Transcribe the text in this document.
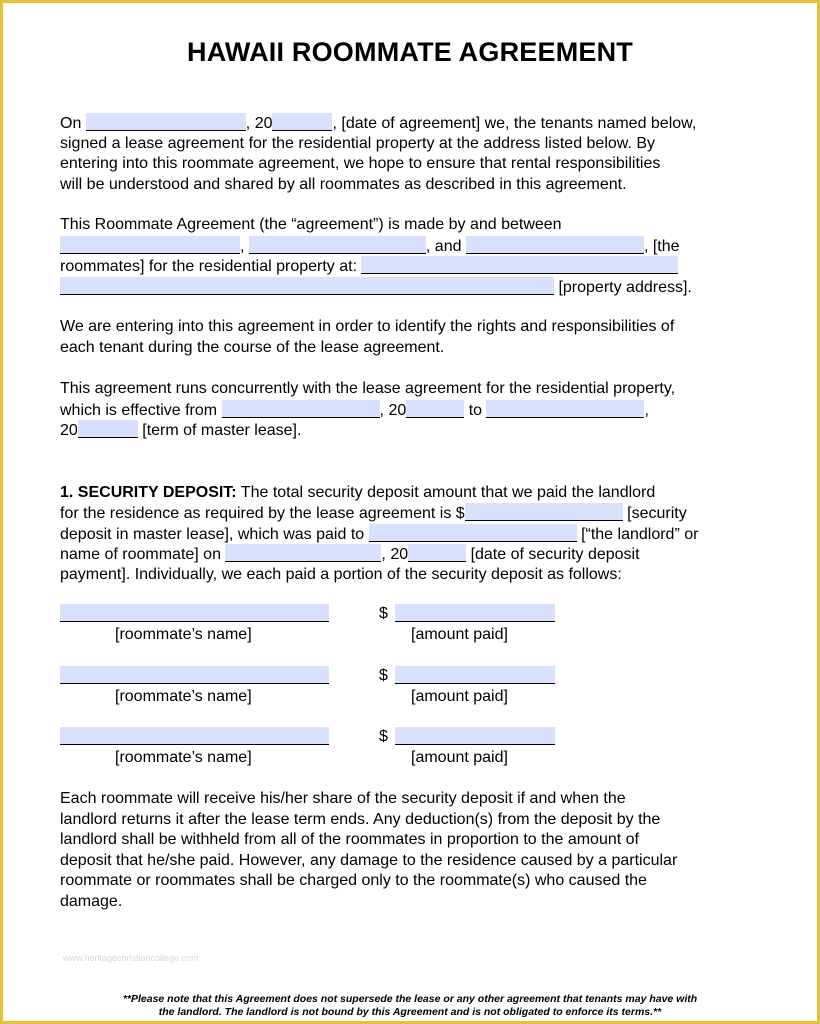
HAWAII ROOMMATE AGREEMENT
On	, 20	, [date of agreement] we, the tenants named below,
signed a lease agreement for the residential property at the address listed below. By
entering into this roommate agreement, we hope to ensure that rental responsibilities
will be understood and shared by all roommates as described in this agreement.
This Roommate Agreement (the “agreement”) is made by and between
,	, and	, [the
roommates] for the residential property at:
[property address].
We are entering into this agreement in order to identify the rights and responsibilities of
each tenant during the course of the lease agreement.
This agreement runs concurrently with the lease agreement for the residential property,
which is effective from	, 20	to	,
20	[term of master lease].
1. SECURITY DEPOSIT: The total security deposit amount that we paid the landlord
for the residence as required by the lease agreement is $	[security
deposit in master lease], which was paid to	[“the landlord” or
name of roommate] on	, 20	[date of security deposit
payment]. Individually, we each paid a portion of the security deposit as follows:
$
[roommate’s name]	[amount paid]
$
[roommate’s name]	[amount paid]
$
[roommate’s name]	[amount paid]
Each roommate will receive his/her share of the security deposit if and when the
landlord returns it after the lease term ends. Any deduction(s) from the deposit by the
landlord shall be withheld from all of the roommates in proportion to the amount of
deposit that he/she paid. However, any damage to the residence caused by a particular
roommate or roommates shall be charged only to the roommate(s) who caused the
damage.
www.heritagechristiancollege.com
**Please note that this Agreement does not supersede the lease or any other agreement that tenants may have with
the landlord. The landlord is not bound by this Agreement and is not obligated to enforce its terms.**
